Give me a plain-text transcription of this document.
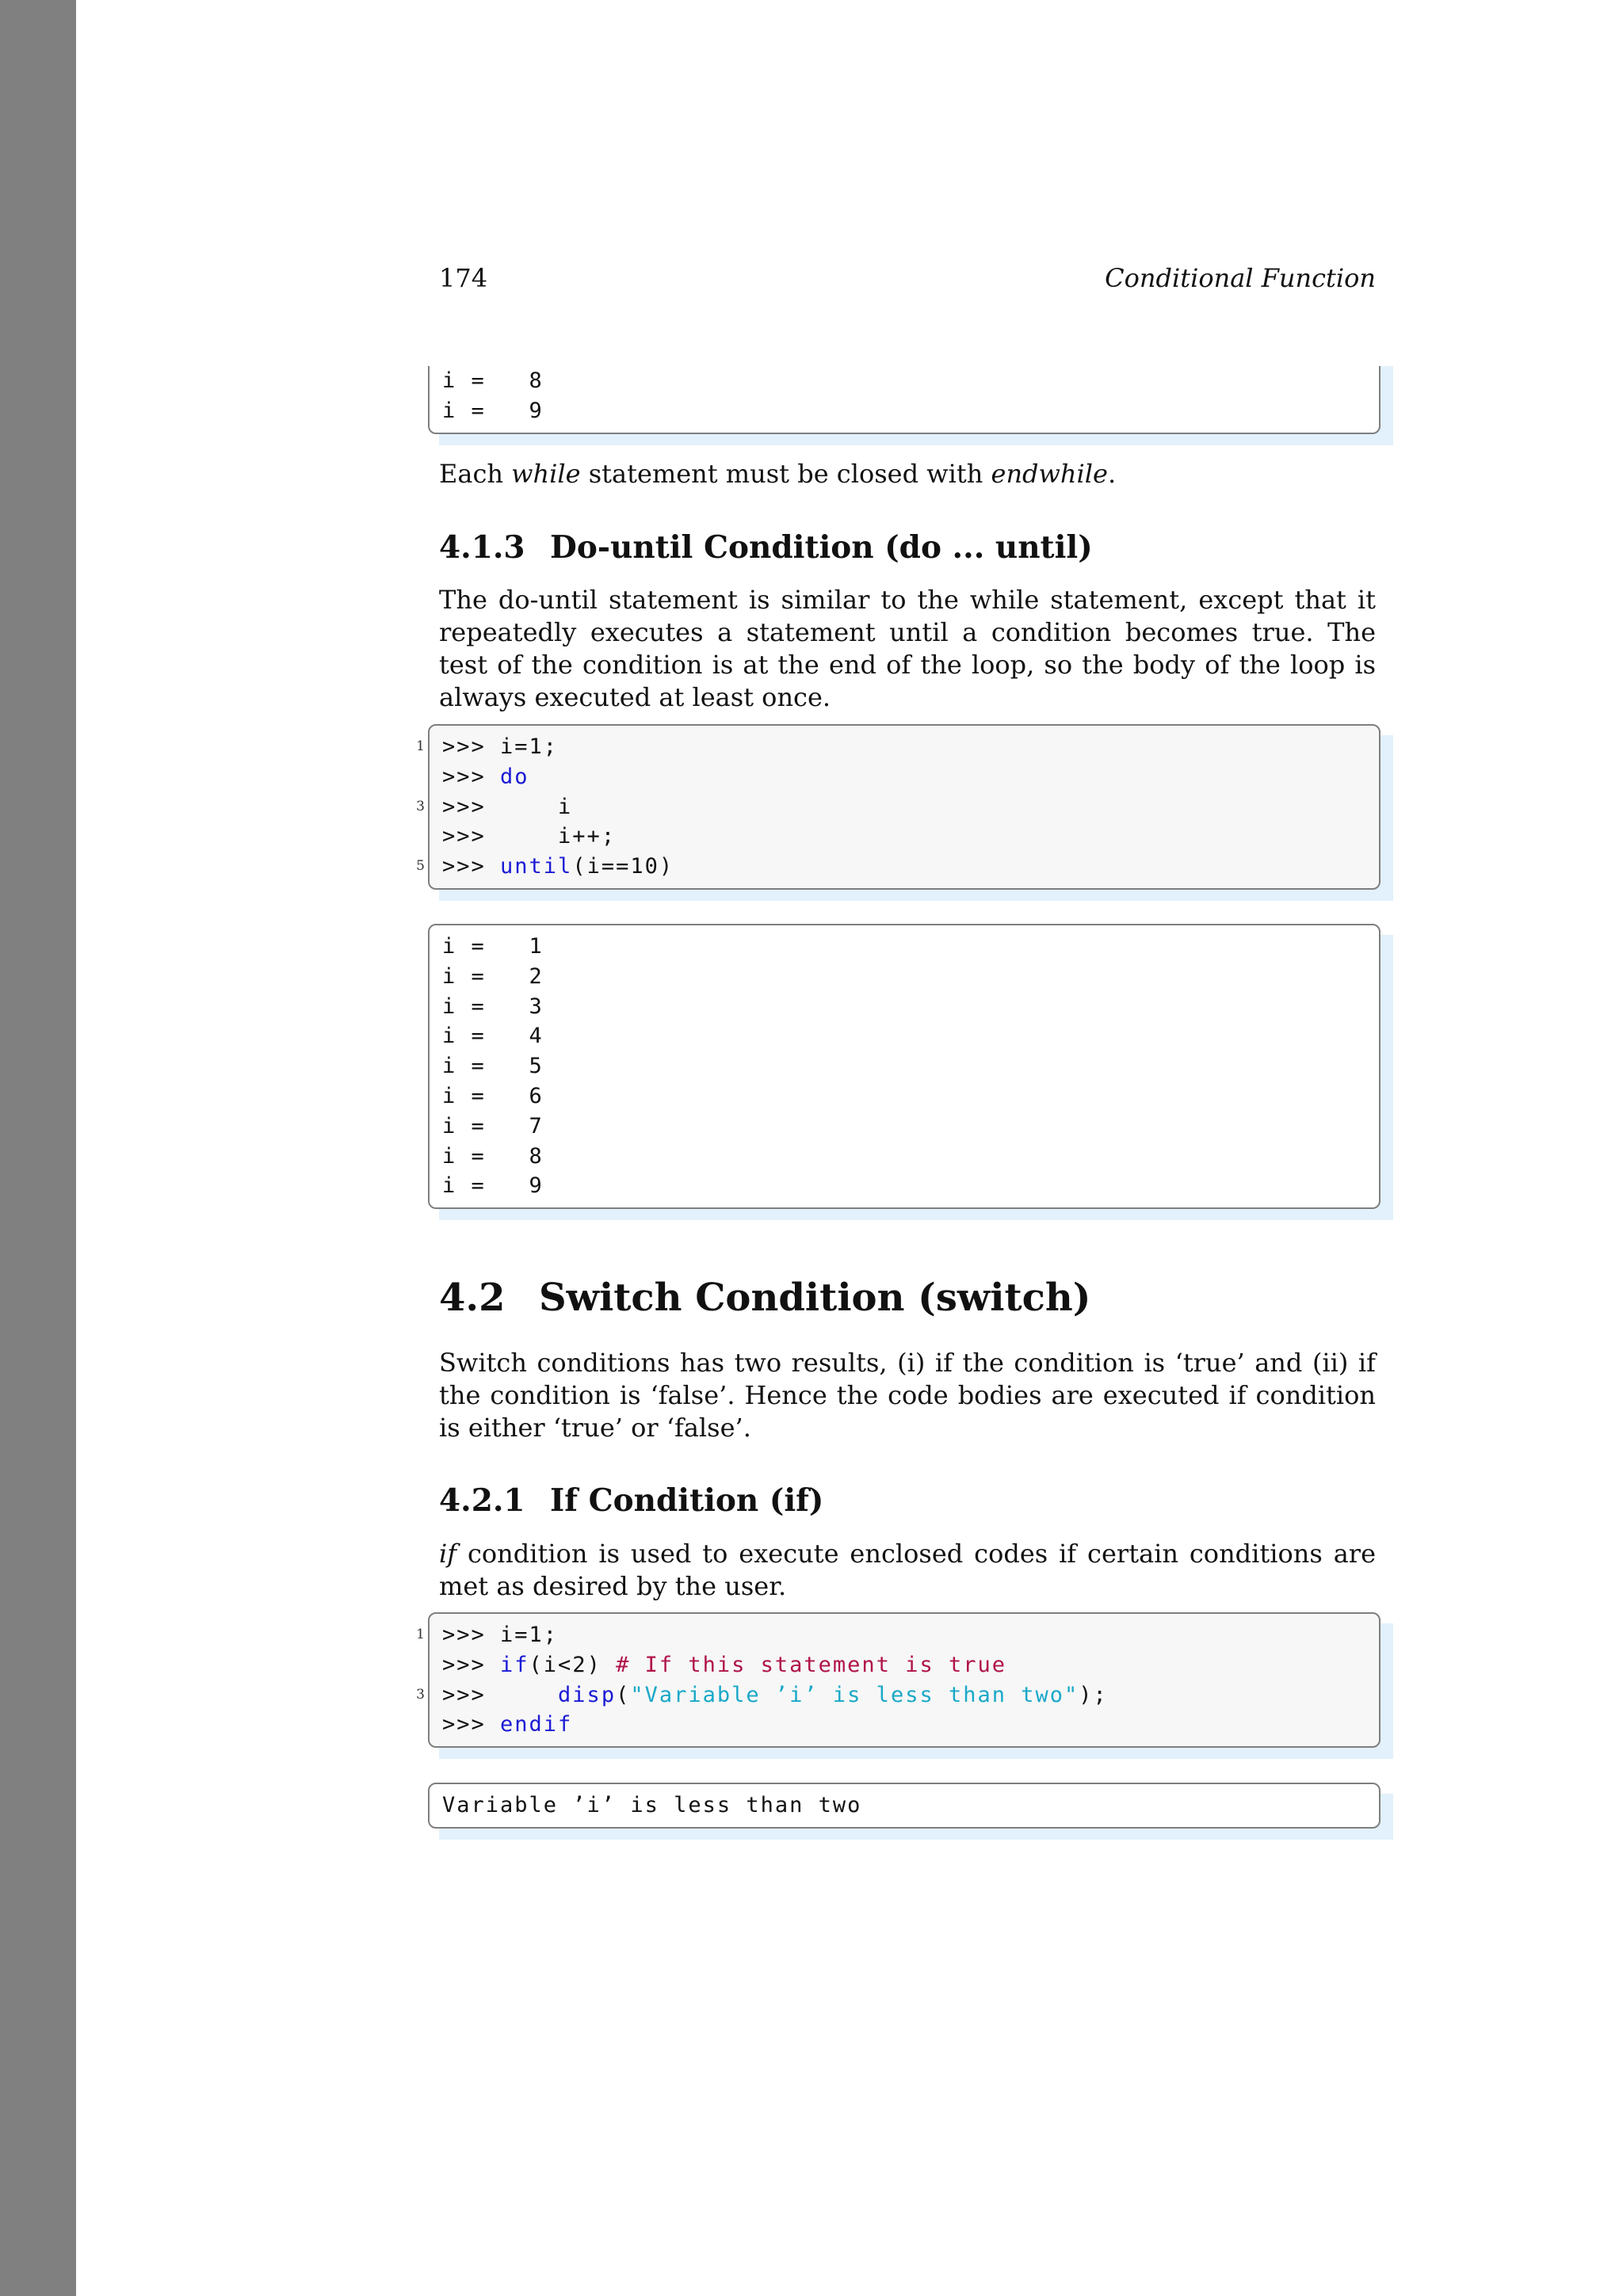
174	Conditional Function
i =   8
i =   9

Each while statement must be closed with endwhile.

4.1.3 Do-until Condition (do ... until)

The do-until statement is similar to the while statement, except that it repeatedly executes a statement until a condition becomes true. The test of the condition is at the end of the loop, so the body of the loop is always executed at least once.

1 >>> i=1;
>>> do
3 >>>     i
>>>     i++;
5 >>> until(i==10)
i =   1
i =   2
i =   3
i =   4
i =   5
i =   6
i =   7
i =   8
i =   9
4.2 Switch Condition (switch)

Switch conditions has two results, (i) if the condition is ‘true’ and (ii) if the condition is ‘false’. Hence the code bodies are executed if condition is either ‘true’ or ‘false’.

4.2.1 If Condition (if)

if condition is used to execute enclosed codes if certain conditions are met as desired by the user.

1 >>> i=1;
>>> if(i<2) # If this statement is true
3 >>>     disp("Variable ’i’ is less than two");
>>> endif
Variable ’i’ is less than two
